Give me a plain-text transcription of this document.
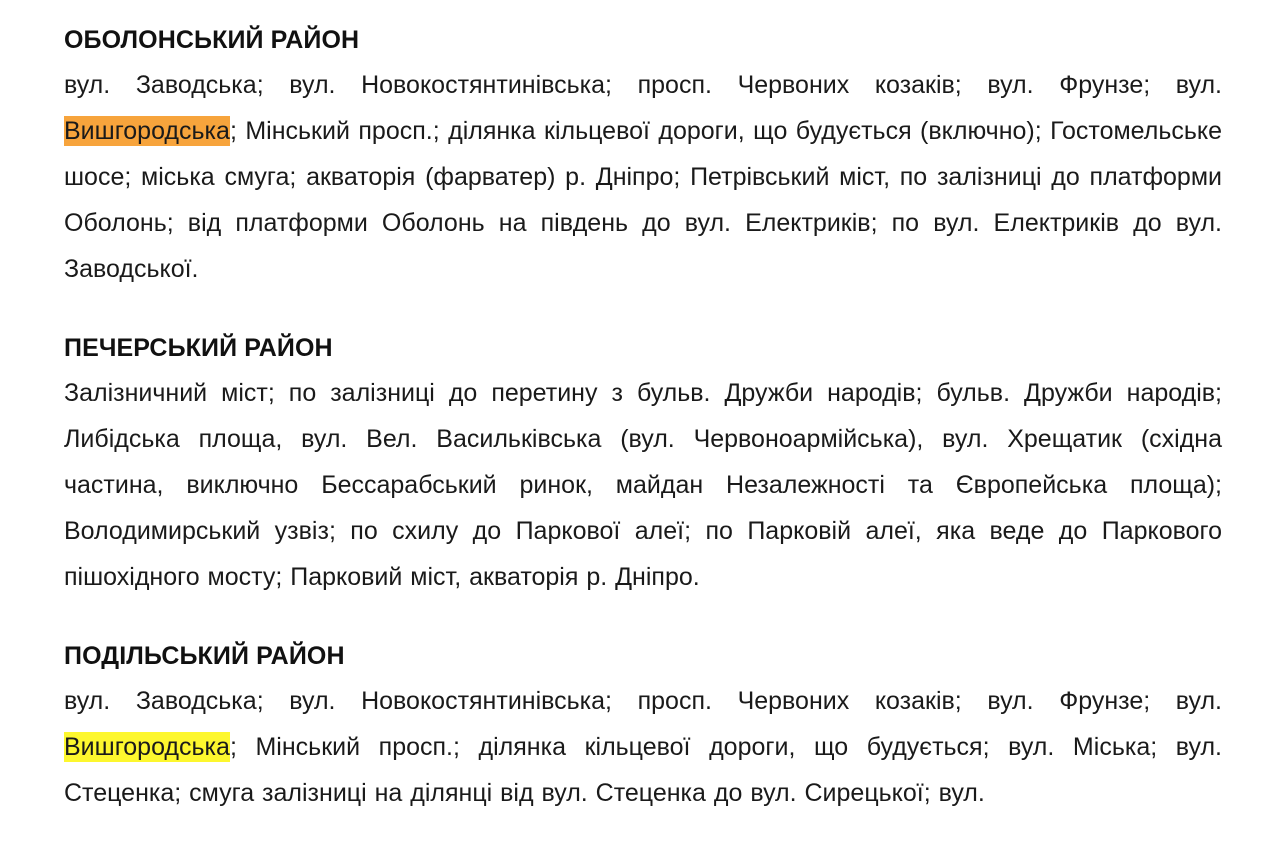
ОБОЛОНСЬКИЙ РАЙОН

вул. Заводська; вул. Новокостянтинівська; просп. Червоних козаків; вул. Фрунзе; вул. Вишгородська; Мінський просп.; ділянка кільцевої дороги, що будується (включно); Гостомельське шосе; міська смуга; акваторія (фарватер) р. Дніпро; Петрівський міст, по залізниці до платформи Оболонь; від платформи Оболонь на південь до вул. Електриків; по вул. Електриків до вул. Заводської.

ПЕЧЕРСЬКИЙ РАЙОН

Залізничний міст; по залізниці до перетину з бульв. Дружби народів; бульв. Дружби народів; Либідська площа, вул. Вел. Васильківська (вул. Червоноармійська), вул. Хрещатик (східна частина, виключно Бессарабський ринок, майдан Незалежності та Європейська площа); Володимирський узвіз; по схилу до Паркової алеї; по Парковій алеї, яка веде до Паркового пішохідного мосту; Парковий міст, акваторія р. Дніпро.

ПОДІЛЬСЬКИЙ РАЙОН

вул. Заводська; вул. Новокостянтинівська; просп. Червоних козаків; вул. Фрунзе; вул. Вишгородська; Мінський просп.; ділянка кільцевої дороги, що будується; вул. Міська; вул. Стеценка; смуга залізниці на ділянці від вул. Стеценка до вул. Сирецької; вул.
